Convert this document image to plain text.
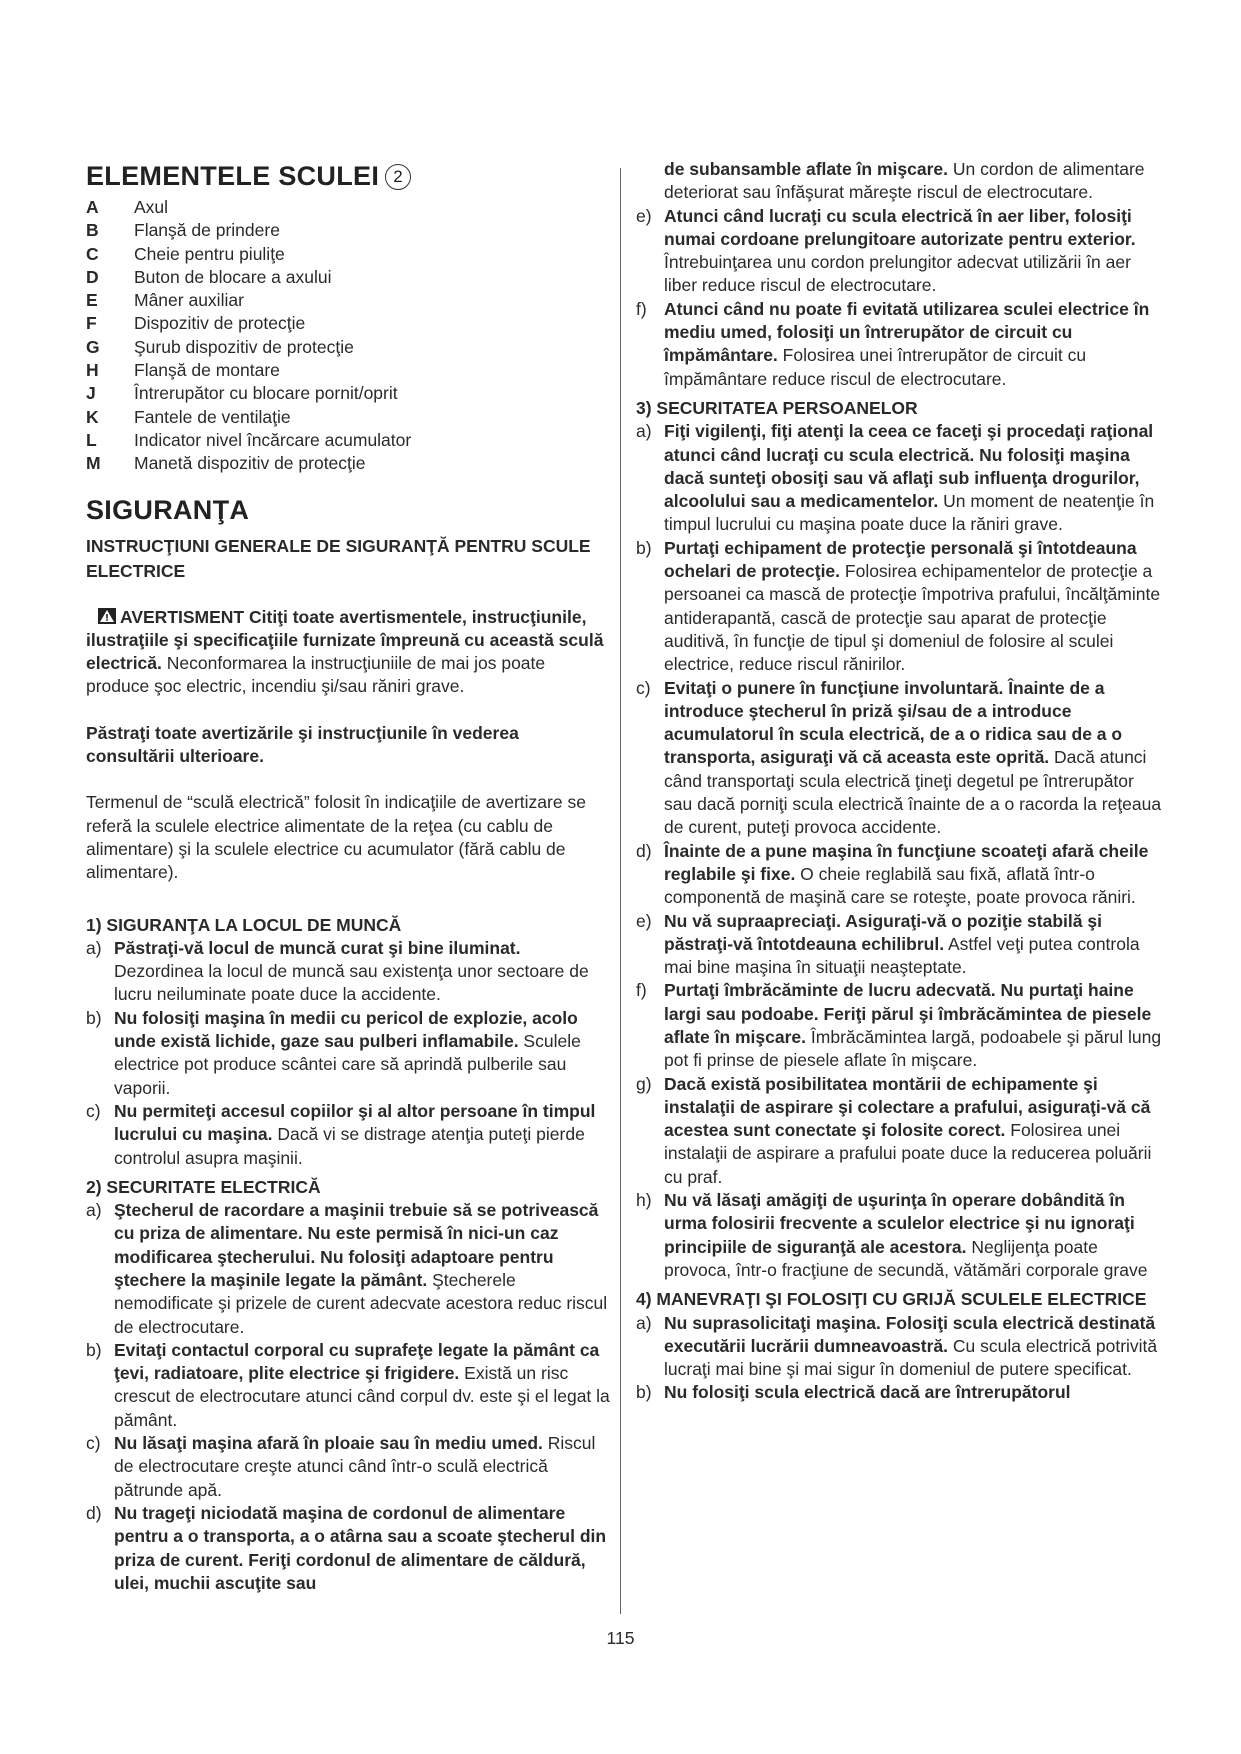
ELEMENTELE SCULEI 2
A	Axul
B	Flanşă de prindere
C	Cheie pentru piuliţe
D	Buton de blocare a axului
E	Mâner auxiliar
F	Dispozitiv de protecţie
G	Şurub dispozitiv de protecţie
H	Flanşă de montare
J	Întrerupător cu blocare pornit/oprit
K	Fantele de ventilaţie
L	Indicator nivel încărcare acumulator
M	Manetă dispozitiv de protecţie
SIGURANŢA
INSTRUCŢIUNI GENERALE DE SIGURANŢĂ PENTRU SCULE ELECTRICE

AVERTISMENT Citiţi toate avertismentele, instrucţiunile, ilustraţiile şi specificaţiile furnizate împreună cu această sculă electrică. Neconformarea la instrucţiuniile de mai jos poate produce şoc electric, incendiu şi/sau răniri grave.

Păstraţi toate avertizările şi instrucţiunile în vederea consultării ulterioare.

Termenul de “sculă electrică” folosit în indicaţiile de avertizare se referă la sculele electrice alimentate de la reţea (cu cablu de alimentare) şi la sculele electrice cu acumulator (fără cablu de alimentare).

1) SIGURANŢA LA LOCUL DE MUNCĂ
a) Păstraţi-vă locul de muncă curat şi bine iluminat. Dezordinea la locul de muncă sau existenţa unor sectoare de lucru neiluminate poate duce la accidente.
b) Nu folosiţi maşina în medii cu pericol de explozie, acolo unde există lichide, gaze sau pulberi inflamabile. Sculele electrice pot produce scântei care să aprindă pulberile sau vaporii.
c) Nu permiteţi accesul copiilor şi al altor persoane în timpul lucrului cu maşina. Dacă vi se distrage atenţia puteţi pierde controlul asupra maşinii.
2) SECURITATE ELECTRICĂ
a) Ştecherul de racordare a maşinii trebuie să se potrivească cu priza de alimentare. Nu este permisă în nici-un caz modificarea ştecherului. Nu folosiţi adaptoare pentru ştechere la maşinile legate la pământ. Ştecherele nemodificate şi prizele de curent adecvate acestora reduc riscul de electrocutare.
b) Evitaţi contactul corporal cu suprafeţe legate la pământ ca ţevi, radiatoare, plite electrice şi frigidere. Există un risc crescut de electrocutare atunci când corpul dv. este şi el legat la pământ.
c) Nu lăsaţi maşina afară în ploaie sau în mediu umed. Riscul de electrocutare creşte atunci când într-o sculă electrică pătrunde apă.
d) Nu trageţi niciodată maşina de cordonul de alimentare pentru a o transporta, a o atârna sau a scoate ştecherul din priza de curent. Feriţi cordonul de alimentare de căldură, ulei, muchii ascuţite sau
de subansamble aflate în mişcare. Un cordon de alimentare deteriorat sau înfăşurat măreşte riscul de electrocutare.
e) Atunci când lucraţi cu scula electrică în aer liber, folosiţi numai cordoane prelungitoare autorizate pentru exterior. Întrebuinţarea unu cordon prelungitor adecvat utilizării în aer liber reduce riscul de electrocutare.
f) Atunci când nu poate fi evitată utilizarea sculei electrice în mediu umed, folosiţi un întrerupător de circuit cu împământare. Folosirea unei întrerupător de circuit cu împământare reduce riscul de electrocutare.
3) SECURITATEA PERSOANELOR
a) Fiţi vigilenţi, fiţi atenţi la ceea ce faceţi şi procedaţi raţional atunci când lucraţi cu scula electrică. Nu folosiţi maşina dacă sunteţi obosiţi sau vă aflaţi sub influenţa drogurilor, alcoolului sau a medicamentelor. Un moment de neatenţie în timpul lucrului cu maşina poate duce la răniri grave.
b) Purtaţi echipament de protecţie personală şi întotdeauna ochelari de protecţie. Folosirea echipamentelor de protecţie a persoanei ca mască de protecţie împotriva prafului, încălţăminte antiderapantă, cască de protecţie sau aparat de protecţie auditivă, în funcţie de tipul şi domeniul de folosire al sculei electrice, reduce riscul rănirilor.
c) Evitaţi o punere în funcţiune involuntară. Înainte de a introduce ştecherul în priză şi/sau de a introduce acumulatorul în scula electrică, de a o ridica sau de a o transporta, asiguraţi vă că aceasta este oprită. Dacă atunci când transportaţi scula electrică ţineţi degetul pe întrerupător sau dacă porniţi scula electrică înainte de a o racorda la reţeaua de curent, puteţi provoca accidente.
d) Înainte de a pune maşina în funcţiune scoateţi afară cheile reglabile şi fixe. O cheie reglabilă sau fixă, aflată într-o componentă de maşină care se roteşte, poate provoca răniri.
e) Nu vă supraapreciaţi. Asiguraţi-vă o poziţie stabilă şi păstraţi-vă întotdeauna echilibrul. Astfel veţi putea controla mai bine maşina în situaţii neaşteptate.
f) Purtaţi îmbrăcăminte de lucru adecvată. Nu purtaţi haine largi sau podoabe. Feriţi părul şi îmbrăcămintea de piesele aflate în mişcare. Îmbrăcămintea largă, podoabele şi părul lung pot fi prinse de piesele aflate în mişcare.
g) Dacă există posibilitatea montării de echipamente şi instalaţii de aspirare şi colectare a prafului, asiguraţi-vă că acestea sunt conectate şi folosite corect. Folosirea unei instalaţii de aspirare a prafului poate duce la reducerea poluării cu praf.
h) Nu vă lăsaţi amăgiţi de uşurinţa în operare dobândită în urma folosirii frecvente a sculelor electrice şi nu ignoraţi principiile de siguranţă ale acestora. Neglijenţa poate provoca, într-o fracţiune de secundă, vătămări corporale grave
4) MANEVRAŢI ŞI FOLOSIŢI CU GRIJĂ SCULELE ELECTRICE
a) Nu suprasolicitaţi maşina. Folosiţi scula electrică destinată executării lucrării dumneavoastră. Cu scula electrică potrivită lucraţi mai bine şi mai sigur în domeniul de putere specificat.
b) Nu folosiţi scula electrică dacă are întrerupătorul
115
